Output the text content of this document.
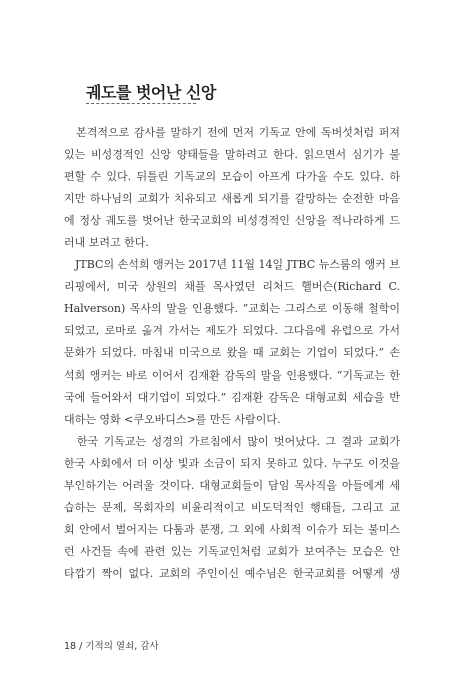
궤도를 벗어난 신앙
　본격적으로 감사를 말하기 전에 먼저 기독교 안에 독버섯처럼 퍼져
있는 비성경적인 신앙 양태들을 말하려고 한다. 읽으면서 심기가 불
편할 수 있다. 뒤틀린 기독교의 모습이 아프게 다가올 수도 있다. 하
지만 하나님의 교회가 치유되고 새롭게 되기를 갈망하는 순전한 마음
에 정상 궤도를 벗어난 한국교회의 비성경적인 신앙을 적나라하게 드
러내 보려고 한다.
　JTBC의 손석희 앵커는 2017년 11월 14일 JTBC 뉴스룸의 앵커 브
리핑에서, 미국 상원의 채플 목사였던 리처드 핼버슨(Richard C.
Halverson) 목사의 말을 인용했다. “교회는 그리스로 이동해 철학이
되었고, 로마로 옮겨 가서는 제도가 되었다. 그다음에 유럽으로 가서
문화가 되었다. 마침내 미국으로 왔을 때 교회는 기업이 되었다.” 손
석희 앵커는 바로 이어서 김재환 감독의 말을 인용했다. “기독교는 한
국에 들어와서 대기업이 되었다.” 김재환 감독은 대형교회 세습을 반
대하는 영화 <쿠오바디스>를 만든 사람이다.
　한국 기독교는 성경의 가르침에서 많이 벗어났다. 그 결과 교회가
한국 사회에서 더 이상 빛과 소금이 되지 못하고 있다. 누구도 이것을
부인하기는 어려울 것이다. 대형교회들이 담임 목사직을 아들에게 세
습하는 문제, 목회자의 비윤리적이고 비도덕적인 행태들, 그리고 교
회 안에서 벌어지는 다툼과 분쟁, 그 외에 사회적 이슈가 되는 불미스
런 사건들 속에 관련 있는 기독교인처럼 교회가 보여주는 모습은 안
타깝기 짝이 없다. 교회의 주인이신 예수님은 한국교회를 어떻게 생
18 / 기적의 열쇠, 감사
